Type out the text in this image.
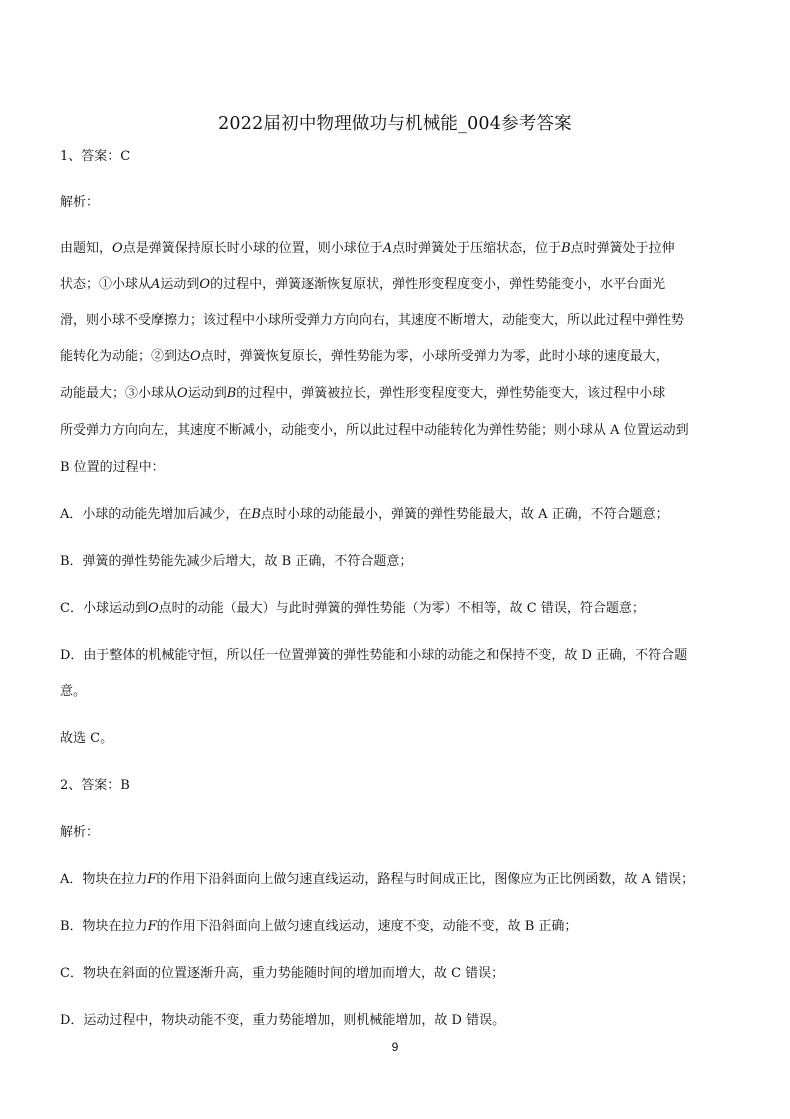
2022届初中物理做功与机械能_004参考答案
1、答案：C
解析：
由题知，O点是弹簧保持原长时小球的位置，则小球位于A点时弹簧处于压缩状态，位于B点时弹簧处于拉伸
状态；①小球从A运动到O的过程中，弹簧逐渐恢复原状，弹性形变程度变小，弹性势能变小，水平台面光
滑，则小球不受摩擦力；该过程中小球所受弹力方向向右，其速度不断增大，动能变大，所以此过程中弹性势
能转化为动能；②到达O点时，弹簧恢复原长，弹性势能为零，小球所受弹力为零，此时小球的速度最大，
动能最大；③小球从O运动到B的过程中，弹簧被拉长，弹性形变程度变大，弹性势能变大，该过程中小球
所受弹力方向向左，其速度不断减小，动能变小，所以此过程中动能转化为弹性势能；则小球从 A 位置运动到
B 位置的过程中：
A．小球的动能先增加后减少，在B点时小球的动能最小，弹簧的弹性势能最大，故 A 正确，不符合题意；
B．弹簧的弹性势能先减少后增大，故 B 正确，不符合题意；
C．小球运动到O点时的动能（最大）与此时弹簧的弹性势能（为零）不相等，故 C 错误，符合题意；
D．由于整体的机械能守恒，所以任一位置弹簧的弹性势能和小球的动能之和保持不变，故 D 正确，不符合题
意。
故选 C。
2、答案：B
解析：
A．物块在拉力F的作用下沿斜面向上做匀速直线运动，路程与时间成正比，图像应为正比例函数，故 A 错误；
B．物块在拉力F的作用下沿斜面向上做匀速直线运动，速度不变，动能不变，故 B 正确；
C．物块在斜面的位置逐渐升高，重力势能随时间的增加而增大，故 C 错误；
D．运动过程中，物块动能不变，重力势能增加，则机械能增加，故 D 错误。
9
